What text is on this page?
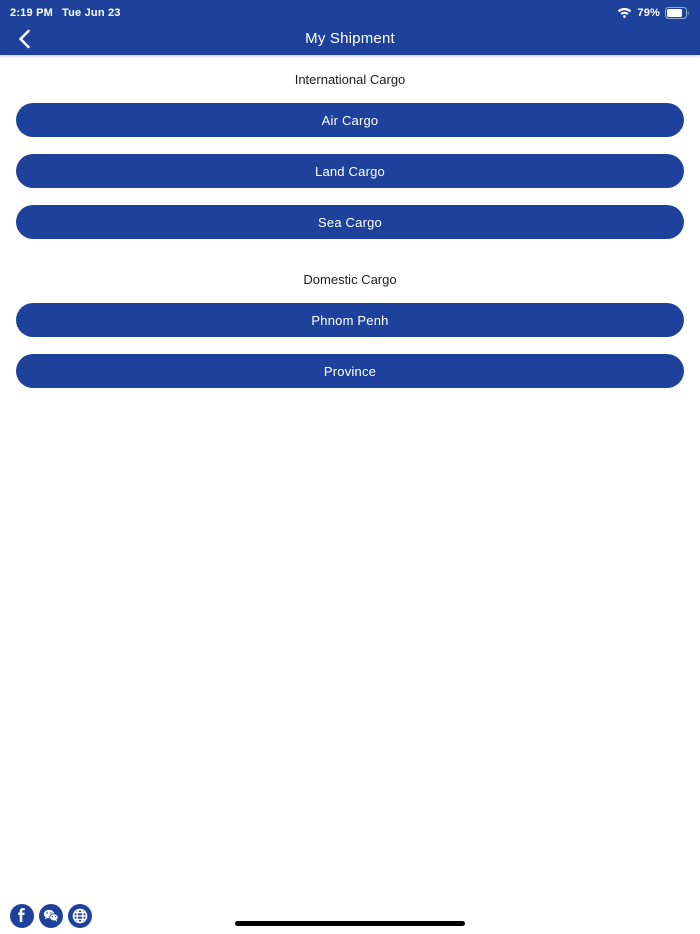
2:19 PM Tue Jun 23	79%
My Shipment
International Cargo
Air Cargo
Land Cargo
Sea Cargo
Domestic Cargo
Phnom Penh
Province
